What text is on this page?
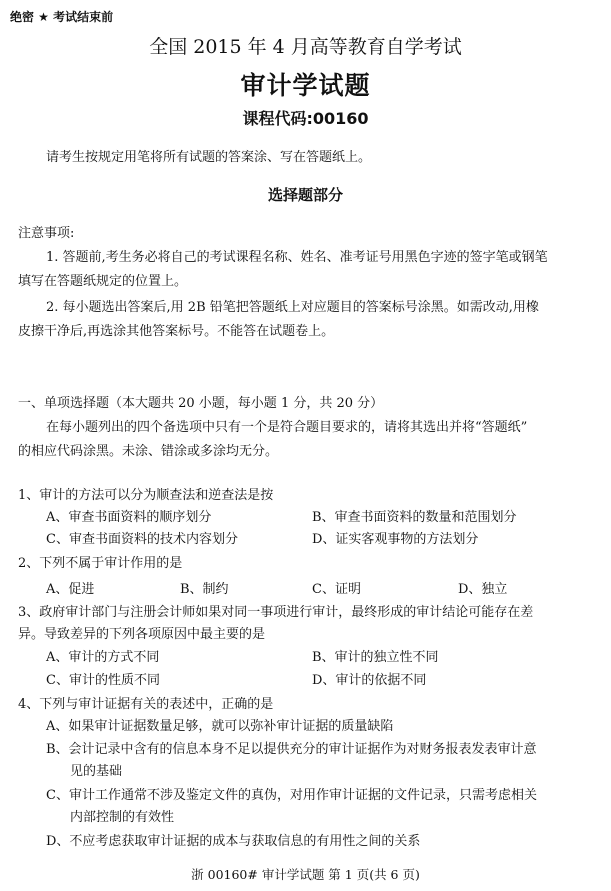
绝密 ★ 考试结束前
全国 2015 年 4 月高等教育自学考试
审计学试题
课程代码:00160
请考生按规定用笔将所有试题的答案涂、写在答题纸上。
选择题部分
注意事项:
1. 答题前,考生务必将自己的考试课程名称、姓名、准考证号用黑色字迹的签字笔或钢笔
填写在答题纸规定的位置上。
2. 每小题选出答案后,用 2B 铅笔把答题纸上对应题目的答案标号涂黑。如需改动,用橡
皮擦干净后,再选涂其他答案标号。不能答在试题卷上。
一、单项选择题（本大题共 20 小题，每小题 1 分，共 20 分）
在每小题列出的四个备选项中只有一个是符合题目要求的，请将其选出并将“答题纸”
的相应代码涂黑。未涂、错涂或多涂均无分。
1、审计的方法可以分为顺查法和逆查法是按
A、审查书面资料的顺序划分	B、审查书面资料的数量和范围划分
C、审查书面资料的技术内容划分	D、证实客观事物的方法划分
2、下列不属于审计作用的是
A、促进	B、制约	C、证明	D、独立
3、政府审计部门与注册会计师如果对同一事项进行审计，最终形成的审计结论可能存在差
异。导致差异的下列各项原因中最主要的是
A、审计的方式不同	B、审计的独立性不同
C、审计的性质不同	D、审计的依据不同
4、下列与审计证据有关的表述中，正确的是
A、如果审计证据数量足够，就可以弥补审计证据的质量缺陷
B、会计记录中含有的信息本身不足以提供充分的审计证据作为对财务报表发表审计意
见的基础
C、审计工作通常不涉及鉴定文件的真伪，对用作审计证据的文件记录，只需考虑相关
内部控制的有效性
D、不应考虑获取审计证据的成本与获取信息的有用性之间的关系
浙 00160# 审计学试题 第 1 页(共 6 页)
